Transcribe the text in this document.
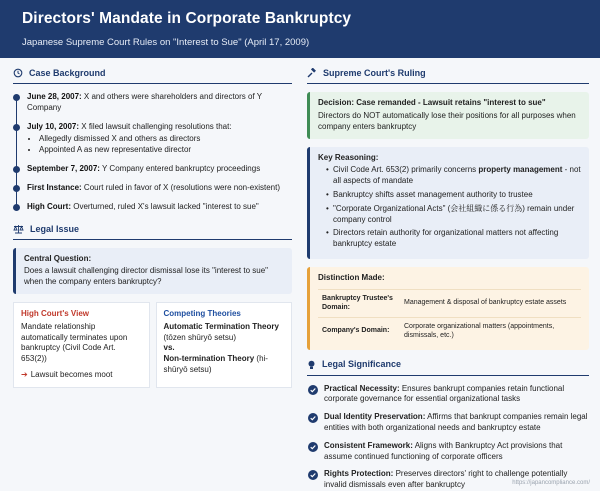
Directors' Mandate in Corporate Bankruptcy
Japanese Supreme Court Rules on "Interest to Sue" (April 17, 2009)
Case Background
June 28, 2007: X and others were shareholders and directors of Y Company
July 10, 2007: X filed lawsuit challenging resolutions that:
• Allegedly dismissed X and others as directors
• Appointed A as new representative director
September 7, 2007: Y Company entered bankruptcy proceedings
First Instance: Court ruled in favor of X (resolutions were non-existent)
High Court: Overturned, ruled X's lawsuit lacked "interest to sue"
Legal Issue
Central Question:
Does a lawsuit challenging director dismissal lose its "interest to sue" when the company enters bankruptcy?
High Court's View
Mandate relationship automatically terminates upon bankruptcy (Civil Code Art. 653(2))
➔ Lawsuit becomes moot
Competing Theories
Automatic Termination Theory
(tōzen shūryō setsu)
vs.
Non-termination Theory (hi-shūryō setsu)
Supreme Court's Ruling
Decision: Case remanded - Lawsuit retains "interest to sue"
Directors do NOT automatically lose their positions for all purposes when company enters bankruptcy
Key Reasoning:
• Civil Code Art. 653(2) primarily concerns property management - not all aspects of mandate
• Bankruptcy shifts asset management authority to trustee
• "Corporate Organizational Acts" (会社組織に係る行為) remain under company control
• Directors retain authority for organizational matters not affecting bankruptcy estate
Distinction Made:
Bankruptcy Trustee's Domain:	Management & disposal of bankruptcy estate assets
Company's Domain:	Corporate organizational matters (appointments, dismissals, etc.)
Legal Significance
Practical Necessity: Ensures bankrupt companies retain functional corporate governance for essential organizational tasks
Dual Identity Preservation: Affirms that bankrupt companies remain legal entities with both organizational needs and bankruptcy estate
Consistent Framework: Aligns with Bankruptcy Act provisions that assume continued functioning of corporate officers
Rights Protection: Preserves directors' right to challenge potentially invalid dismissals even after bankruptcy	https://japancompliance.com/
